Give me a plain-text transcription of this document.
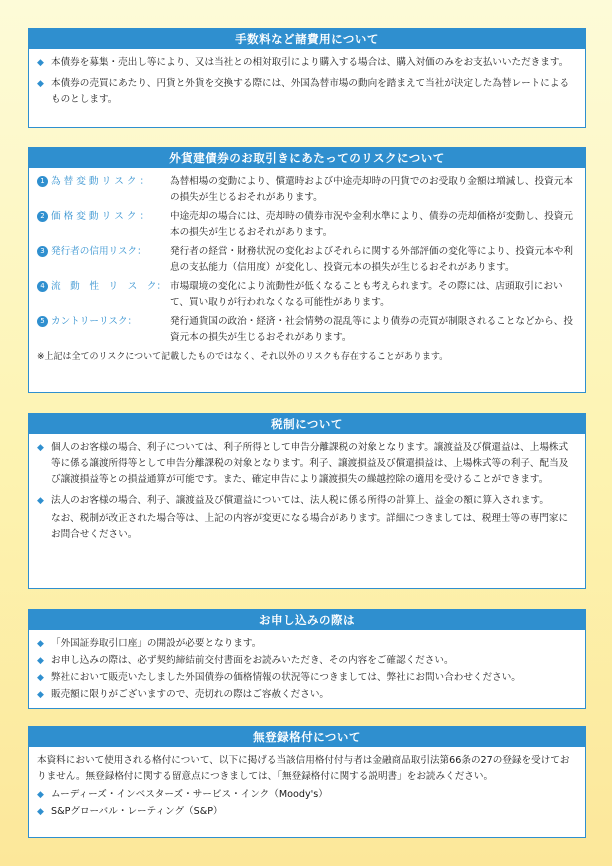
手数料など諸費用について
◆ 本債券を募集・売出し等により、又は当社との相対取引により購入する場合は、購入対価のみをお支払いいただきます。
◆ 本債券の売買にあたり、円貨と外貨を交換する際には、外国為替市場の動向を踏まえて当社が決定した為替レートによるものとします。
外貨建債券のお取引きにあたってのリスクについて
1 為 替 変 動 リ ス ク ：	為替相場の変動により、償還時および中途売却時の円貨でのお受取り金額は増減し、投資元本の損失が生じるおそれがあります。
2 価 格 変 動 リ ス ク ：	中途売却の場合には、売却時の債券市況や金利水準により、債券の売却価格が変動し、投資元本の損失が生じるおそれがあります。
3 発行者の信用リスク：	発行者の経営・財務状況の変化およびそれらに関する外部評価の変化等により、投資元本や利息の支払能力（信用度）が変化し、投資元本の損失が生じるおそれがあります。
4 流　動　性　リ　ス　ク： 市場環境の変化により流動性が低くなることも考えられます。その際には、店頭取引において、買い取りが行われなくなる可能性があります。
5 カントリーリスク：	発行通貨国の政治・経済・社会情勢の混乱等により債券の売買が制限されることなどから、投資元本の損失が生じるおそれがあります。
※上記は全てのリスクについて記載したものではなく、それ以外のリスクも存在することがあります。
税制について
◆ 個人のお客様の場合、利子については、利子所得として申告分離課税の対象となります。譲渡益及び償還益は、上場株式等に係る譲渡所得等として申告分離課税の対象となります。利子、譲渡損益及び償還損益は、上場株式等の利子、配当及び譲渡損益等との損益通算が可能です。また、確定申告により譲渡損失の繰越控除の適用を受けることができます。
◆ 法人のお客様の場合、利子、譲渡益及び償還益については、法人税に係る所得の計算上、益金の額に算入されます。
なお、税制が改正された場合等は、上記の内容が変更になる場合があります。詳細につきましては、税理士等の専門家にお問合せください。
お申し込みの際は
◆ 「外国証券取引口座」の開設が必要となります。
◆ お申し込みの際は、必ず契約締結前交付書面をお読みいただき、その内容をご確認ください。
◆ 弊社において販売いたしました外国債券の価格情報の状況等につきましては、弊社にお問い合わせください。
◆ 販売額に限りがございますので、売切れの際はご容赦ください。
無登録格付について
本資料において使用される格付について、以下に掲げる当該信用格付付与者は金融商品取引法第66条の27の登録を受けておりません。無登録格付に関する留意点につきましては、「無登録格付に関する説明書」をお読みください。
◆ ムーディーズ・インベスターズ・サービス・インク（Moody's）
◆ S&Pグローバル・レーティング（S&P）
